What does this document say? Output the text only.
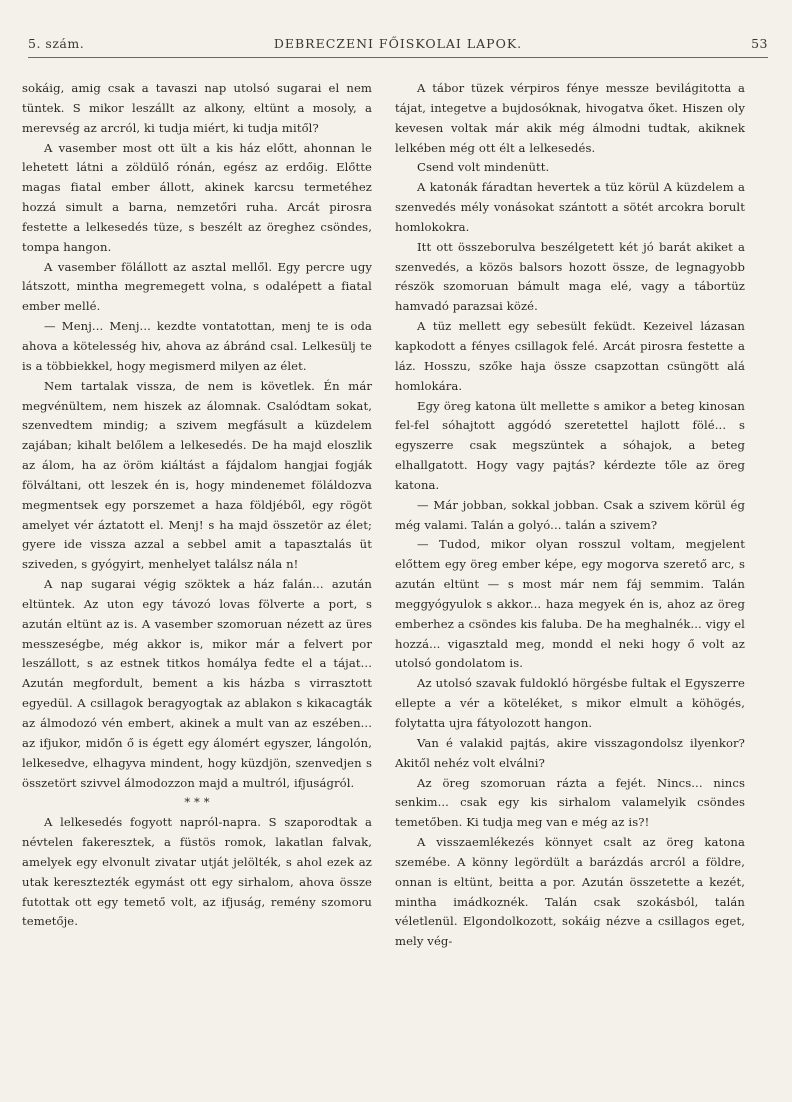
5. szám.	DEBRECZENI FŐISKOLAI LAPOK.	53

sokáig, amig csak a tavaszi nap utolsó sugarai el nem tüntek. S mikor leszállt az alkony, eltünt a mosoly, a merevség az arcról, ki tudja miért, ki tudja mitől?

A vasember most ott ült a kis ház előtt, ahonnan le lehetett látni a zöldülő rónán, egész az erdőig. Előtte magas fiatal ember állott, akinek karcsu termetéhez hozzá simult a barna, nemzetőri ruha. Arcát pirosra festette a lelkesedés tüze, s beszélt az öreghez csöndes, tompa hangon.

A vasember fölállott az asztal mellől. Egy percre ugy látszott, mintha megremegett volna, s odalépett a fiatal ember mellé.

— Menj... Menj... kezdte vontatottan, menj te is oda ahova a kötelesség hiv, ahova az ábránd csal. Lelkesülj te is a többiekkel, hogy megismerd milyen az élet.

Nem tartalak vissza, de nem is követlek. Én már megvénültem, nem hiszek az álomnak. Csalódtam sokat, szenvedtem mindig; a szivem megfásult a küzdelem zajában; kihalt belőlem a lelkesedés. De ha majd eloszlik az álom, ha az öröm kiáltást a fájdalom hangjai fogják fölváltani, ott leszek én is, hogy mindenemet föláldozva megmentsek egy porszemet a haza földjéből, egy rögöt amelyet vér áztatott el. Menj! s ha majd összetör az élet; gyere ide vissza azzal a sebbel amit a tapasztalás üt sziveden, s gyógyirt, menhelyet találsz nála n!

A nap sugarai végig szöktek a ház falán... azután eltüntek. Az uton egy távozó lovas fölverte a port, s azután eltünt az is. A vasember szomoruan nézett az üres messzeségbe, még akkor is, mikor már a felvert por leszállott, s az estnek titkos homálya fedte el a tájat... Azután megfordult, bement a kis házba s virrasztott egyedül. A csillagok beragyogtak az ablakon s kikacagták az álmodozó vén embert, akinek a mult van az eszében... az ifjukor, midőn ő is égett egy álomért egyszer, lángolón, lelkesedve, elhagyva mindent, hogy küzdjön, szenvedjen s összetört szivvel álmodozzon majd a multról, ifjuságról.

* * *

A lelkesedés fogyott napról-napra. S szaporodtak a névtelen fakeresztek, a füstös romok, lakatlan falvak, amelyek egy elvonult zivatar utját jelölték, s ahol ezek az utak keresztezték egymást ott egy sirhalom, ahova össze futottak ott egy temető volt, az ifjuság, remény szomoru temetője.

A tábor tüzek vérpiros fénye messze bevilágitotta a tájat, integetve a bujdosóknak, hivogatva őket. Hiszen oly kevesen voltak már akik még álmodni tudtak, akiknek lelkében még ott élt a lelkesedés.

Csend volt mindenütt.

A katonák fáradtan hevertek a tüz körül A küzdelem a szenvedés mély vonásokat szántott a sötét arcokra borult homlokokra.

Itt ott összeborulva beszélgetett két jó barát akiket a szenvedés, a közös balsors hozott össze, de legnagyobb részök szomoruan bámult maga elé, vagy a tábortüz hamvadó parazsai közé.

A tüz mellett egy sebesült feküdt. Kezeivel lázasan kapkodott a fényes csillagok felé. Arcát pirosra festette a láz. Hosszu, szőke haja össze csapzottan csüngött alá homlokára.

Egy öreg katona ült mellette s amikor a beteg kinosan fel-fel sóhajtott aggódó szeretettel hajlott fölé... s egyszerre csak megszüntek a sóhajok, a beteg elhallgatott. Hogy vagy pajtás? kérdezte tőle az öreg katona.

— Már jobban, sokkal jobban. Csak a szivem körül ég még valami. Talán a golyó... talán a szivem?

— Tudod, mikor olyan rosszul voltam, megjelent előttem egy öreg ember képe, egy mogorva szerető arc, s azután eltünt — s most már nem fáj semmim. Talán meggyógyulok s akkor... haza megyek én is, ahoz az öreg emberhez a csöndes kis faluba. De ha meghalnék... vigy el hozzá... vigasztald meg, mondd el neki hogy ő volt az utolsó gondolatom is.

Az utolsó szavak fuldokló hörgésbe fultak el Egyszerre ellepte a vér a köteléket, s mikor elmult a köhögés, folytatta ujra fátyolozott hangon.

Van é valakid pajtás, akire visszagondolsz ilyenkor? Akitől nehéz volt elválni?

Az öreg szomoruan rázta a fejét. Nincs... nincs senkim... csak egy kis sirhalom valamelyik csöndes temetőben. Ki tudja meg van e még az is?!

A visszaemlékezés könnyet csalt az öreg katona szemébe. A könny legördült a barázdás arcról a földre, onnan is eltünt, beitta a por. Azután összetette a kezét, mintha imádkoznék. Talán csak szokásból, talán véletlenül. Elgondolkozott, sokáig nézve a csillagos eget, mely vég-
